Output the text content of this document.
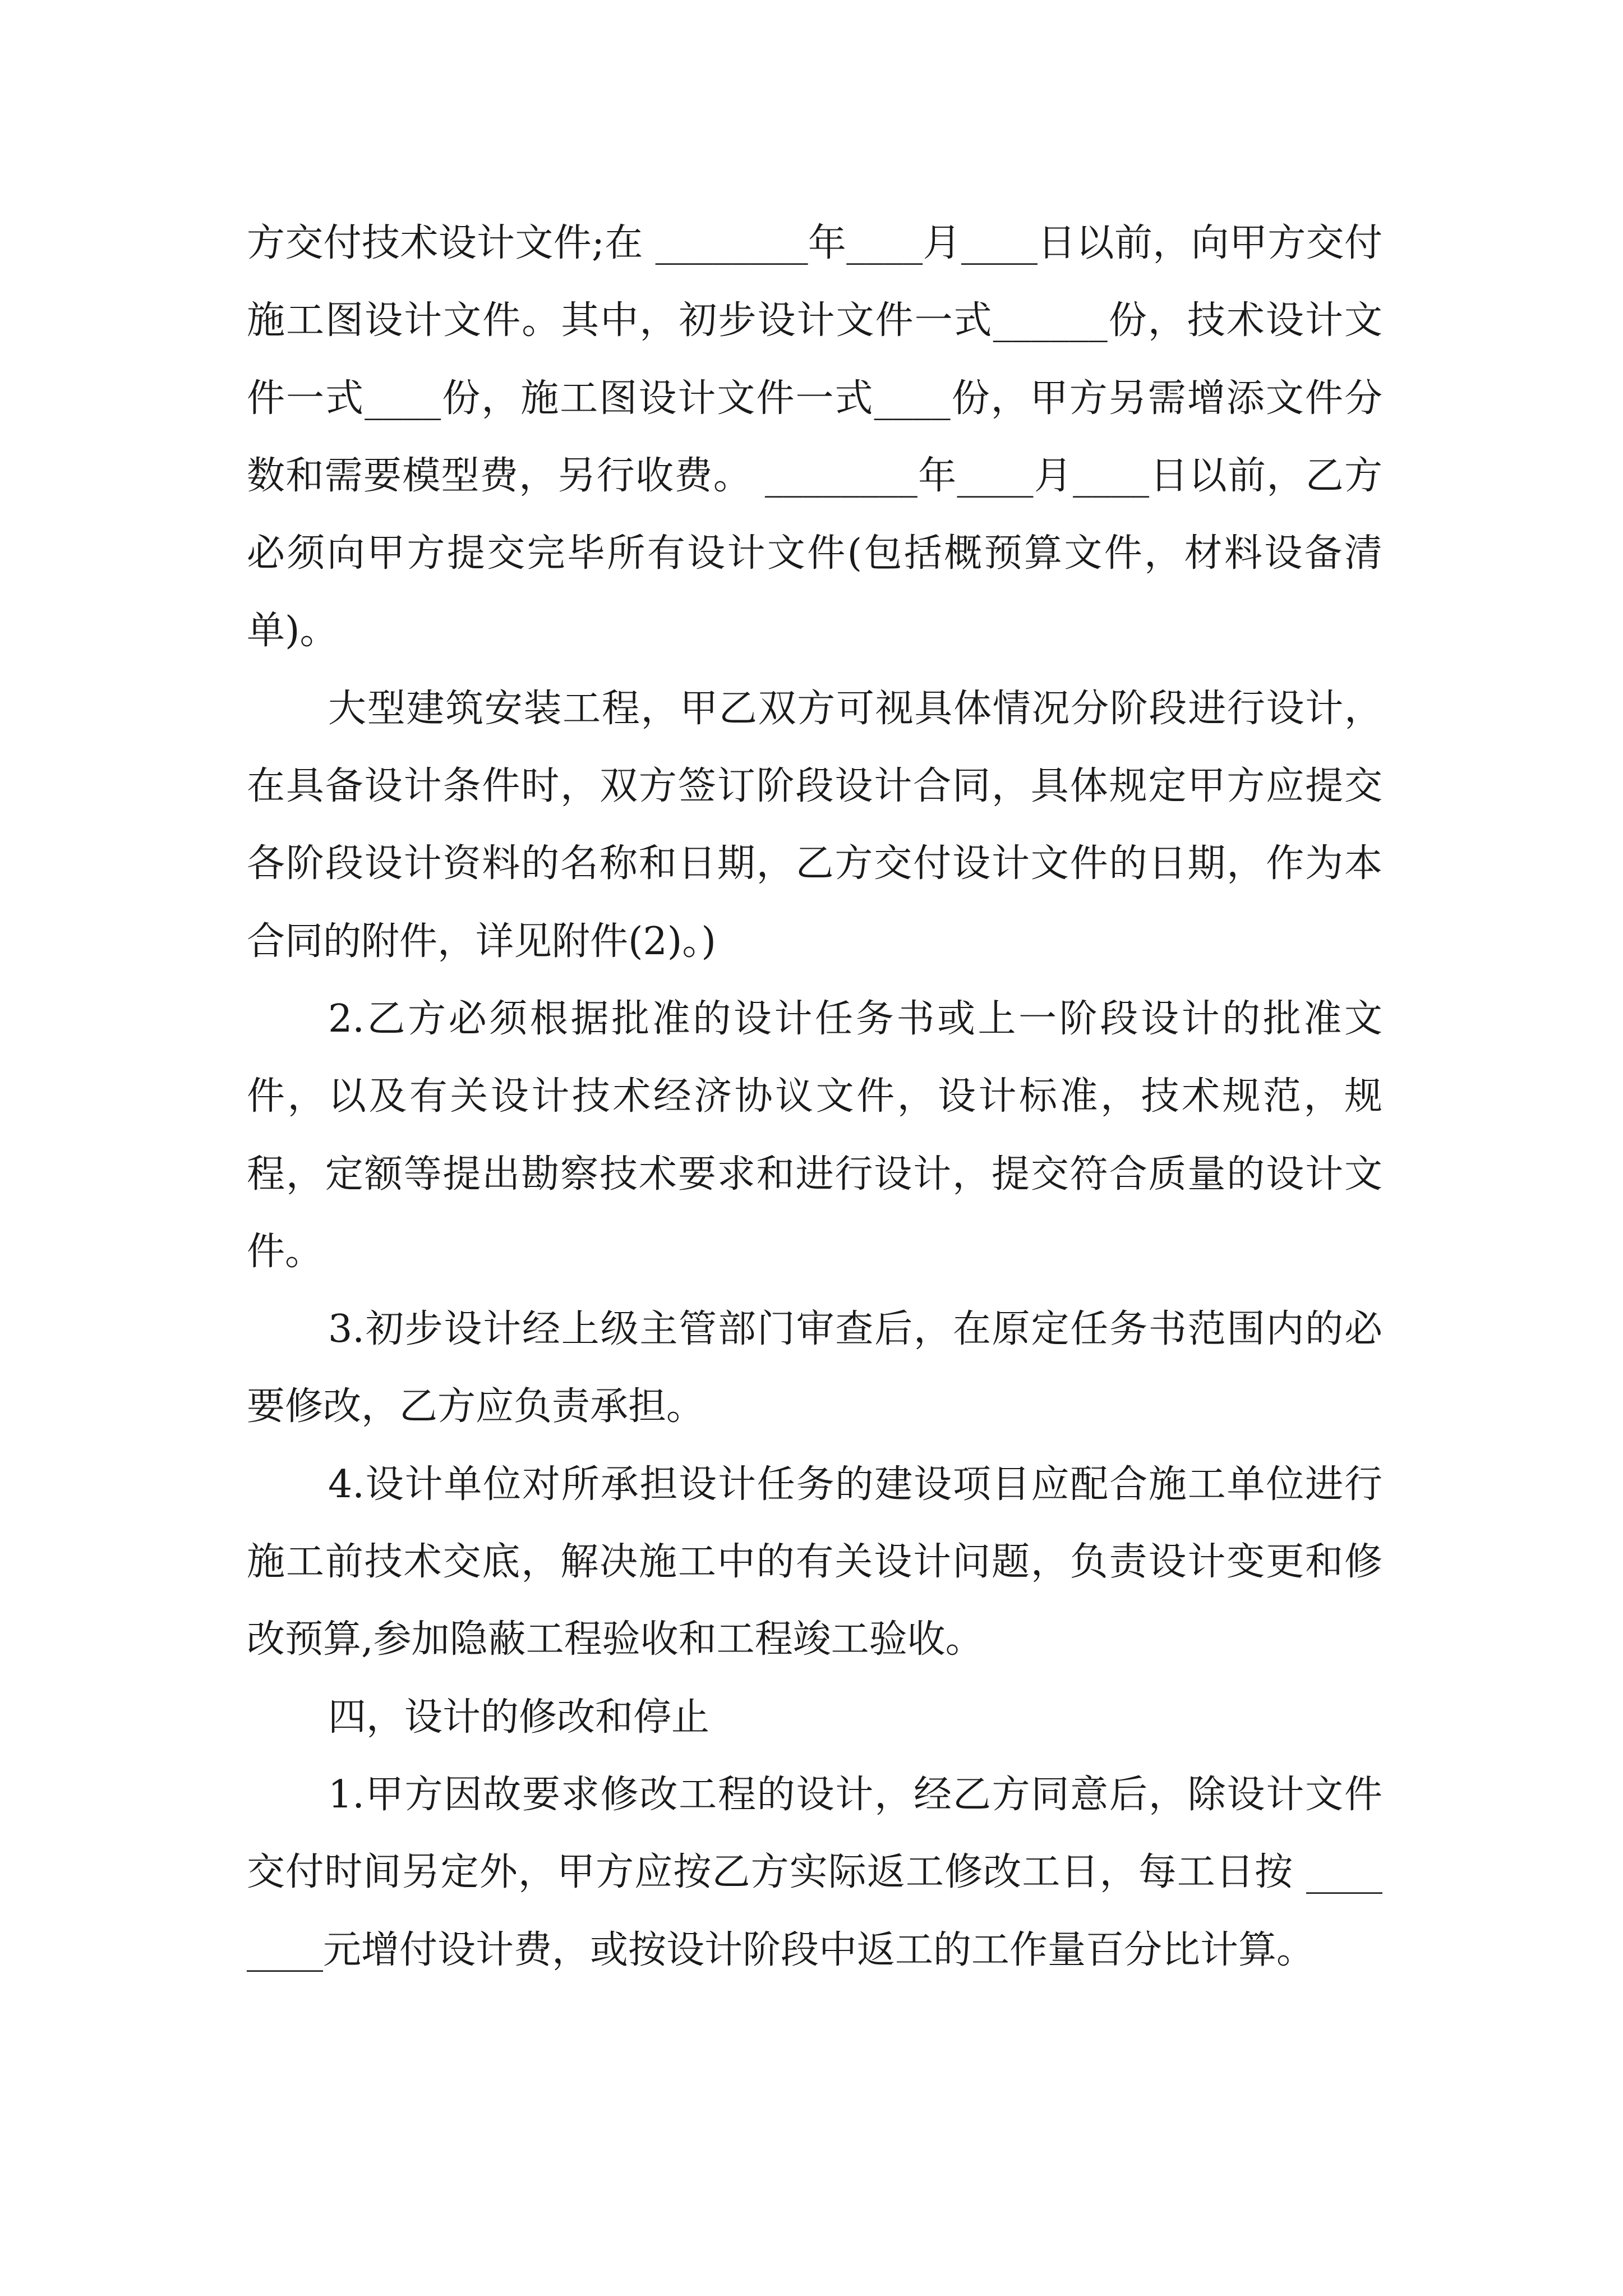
方交付技术设计文件;在 ________年____月____日以前，向甲方交付施工图设计文件。其中，初步设计文件一式______份，技术设计文件一式____份，施工图设计文件一式____份，甲方另需增添文件分数和需要模型费，另行收费。 ________年____月____日以前，乙方必须向甲方提交完毕所有设计文件(包括概预算文件，材料设备清单)。

大型建筑安装工程，甲乙双方可视具体情况分阶段进行设计，在具备设计条件时，双方签订阶段设计合同，具体规定甲方应提交各阶段设计资料的名称和日期，乙方交付设计文件的日期，作为本合同的附件，详见附件(2)。)

2.乙方必须根据批准的设计任务书或上一阶段设计的批准文件，以及有关设计技术经济协议文件，设计标准，技术规范，规程，定额等提出勘察技术要求和进行设计，提交符合质量的设计文件。

3.初步设计经上级主管部门审查后，在原定任务书范围内的必要修改，乙方应负责承担。

4.设计单位对所承担设计任务的建设项目应配合施工单位进行施工前技术交底，解决施工中的有关设计问题，负责设计变更和修改预算,参加隐蔽工程验收和工程竣工验收。

四，设计的修改和停止

1.甲方因故要求修改工程的设计，经乙方同意后，除设计文件交付时间另定外，甲方应按乙方实际返工修改工日，每工日按 ________元增付设计费，或按设计阶段中返工的工作量百分比计算。
